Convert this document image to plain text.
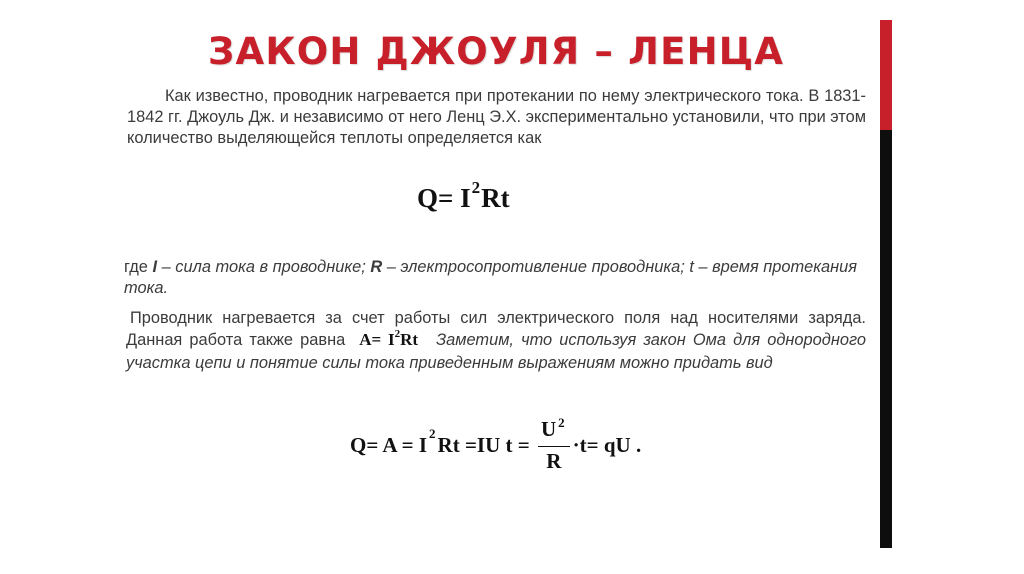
ЗАКОН ДЖОУЛЯ – ЛЕНЦА
Как известно, проводник нагревается при протекании по нему электрического тока. В 1831-1842 гг. Джоуль Дж. и независимо от него Ленц Э.Х. экспериментально установили, что при этом количество выделяющейся теплоты определяется как
$Q= I^2Rt$
где I – сила тока в проводнике; R – электросопротивление проводника; t – время протекания тока.
Проводник нагревается за счет работы сил электрического поля над носителями заряда. Данная работа также равна $A= I^2Rt$ Заметим, что используя закон Ома для однородного участка цепи и понятие силы тока приведенным выражениям можно придать вид
Q= A = I 2 Rt =IU $t = \frac{U ^2}{R} \cdot t=$ qU .
